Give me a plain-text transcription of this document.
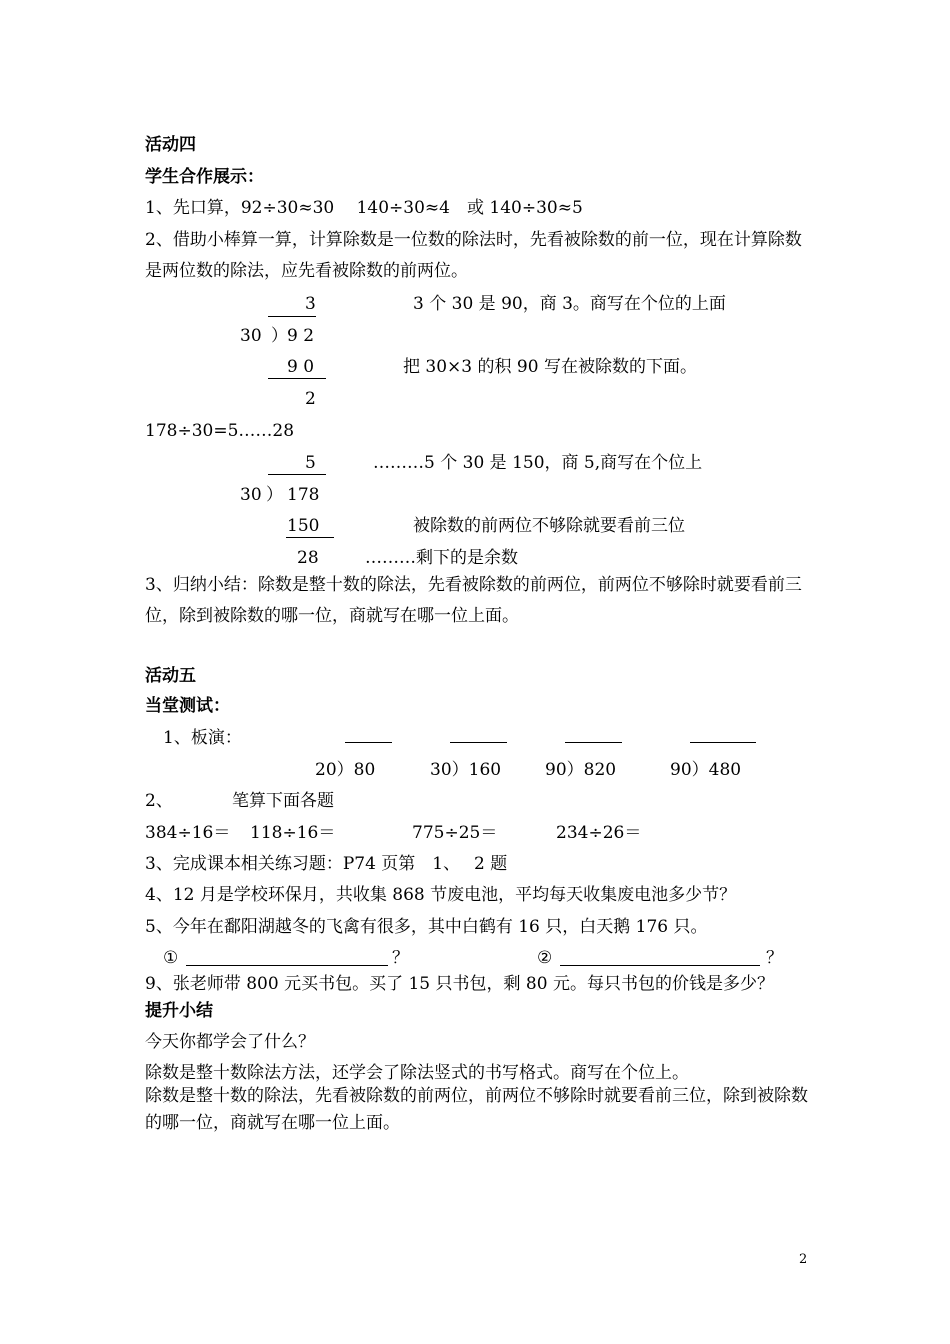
活动四
学生合作展示：
1、先口算，92÷30≈30　 140÷30≈4　或 140÷30≈5
2、借助小棒算一算，计算除数是一位数的除法时，先看被除数的前一位，现在计算除数是两位数的除法，应先看被除数的前两位。
3
30 ） 9 2
9 0
2
3 个 30 是 90，商 3。商写在个位的上面
把 30×3 的积 90 写在被除数的下面。
178÷30=5……28
5
30 ） 178
150
28
………5 个 30 是 150，商 5,商写在个位上
被除数的前两位不够除就要看前三位
………剩下的是余数
3、归纳小结：除数是整十数的除法，先看被除数的前两位，前两位不够除时就要看前三位，除到被除数的哪一位，商就写在哪一位上面。
活动五
当堂测试：
1、板演：
20）80	30）160	90）820	90）480
2、	笔算下面各题
384÷16＝ 118÷16＝	775÷25＝	234÷26＝
3、完成课本相关练习题：P74 页第　1、　 2 题
4、12 月是学校环保月，共收集 868 节废电池，平均每天收集废电池多少节？
5、今年在鄱阳湖越冬的飞禽有很多，其中白鹤有 16 只，白天鹅 176 只。
①	？	②	？
9、张老师带 800 元买书包。买了 15 只书包，剩 80 元。每只书包的价钱是多少？
提升小结
今天你都学会了什么？
除数是整十数除法方法，还学会了除法竖式的书写格式。商写在个位上。
除数是整十数的除法，先看被除数的前两位，前两位不够除时就要看前三位，除到被除数的哪一位，商就写在哪一位上面。
2
